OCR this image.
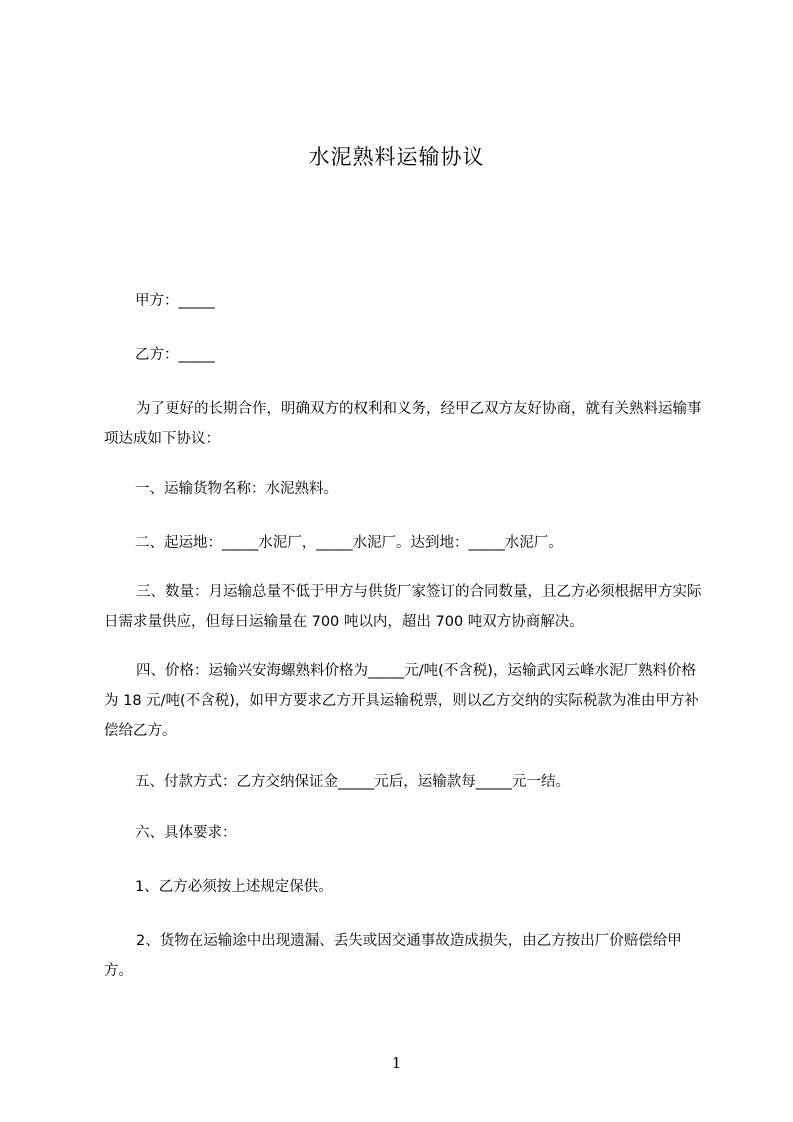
水泥熟料运输协议
甲方：_____
乙方：_____
为了更好的长期合作，明确双方的权利和义务，经甲乙双方友好协商，就有关熟料运输事项达成如下协议：
一、运输货物名称：水泥熟料。
二、起运地：_____水泥厂，_____水泥厂。达到地：_____水泥厂。
三、数量：月运输总量不低于甲方与供货厂家签订的合同数量，且乙方必须根据甲方实际日需求量供应，但每日运输量在 700 吨以内，超出 700 吨双方协商解决。
四、价格：运输兴安海螺熟料价格为_____元/吨(不含税)，运输武冈云峰水泥厂熟料价格为 18 元/吨(不含税)，如甲方要求乙方开具运输税票，则以乙方交纳的实际税款为准由甲方补偿给乙方。
五、付款方式：乙方交纳保证金_____元后，运输款每_____元一结。
六、具体要求：
1、乙方必须按上述规定保供。
2、货物在运输途中出现遗漏、丢失或因交通事故造成损失，由乙方按出厂价赔偿给甲方。
1
